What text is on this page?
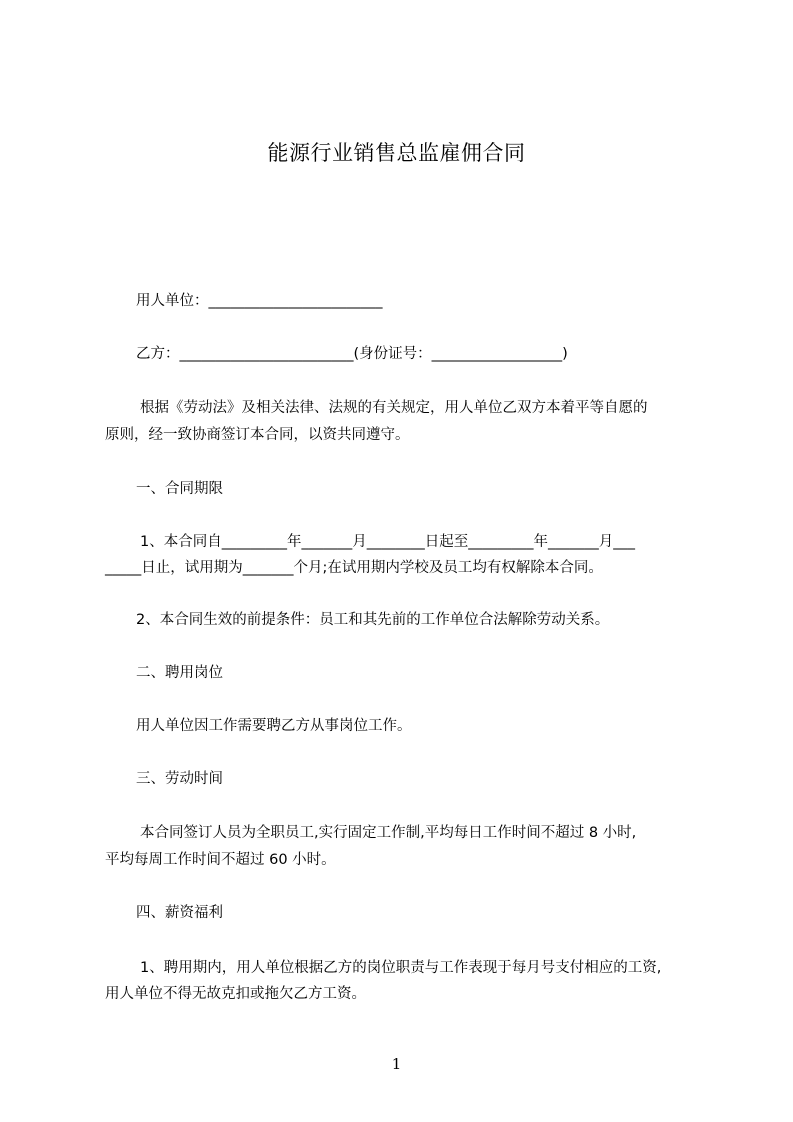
能源行业销售总监雇佣合同
用人单位：________________________
乙方：________________________(身份证号：__________________)
根据《劳动法》及相关法律、法规的有关规定，用人单位乙双方本着平等自愿的
原则，经一致协商签订本合同，以资共同遵守。
一、合同期限
1、本合同自_________年_______月________日起至_________年_______月___
_____日止，试用期为_______个月;在试用期内学校及员工均有权解除本合同。
2、本合同生效的前提条件：员工和其先前的工作单位合法解除劳动关系。
二、聘用岗位
用人单位因工作需要聘乙方从事岗位工作。
三、劳动时间
本合同签订人员为全职员工,实行固定工作制,平均每日工作时间不超过 8 小时,
平均每周工作时间不超过 60 小时。
四、薪资福利
1、聘用期内，用人单位根据乙方的岗位职责与工作表现于每月号支付相应的工资,
用人单位不得无故克扣或拖欠乙方工资。
1
